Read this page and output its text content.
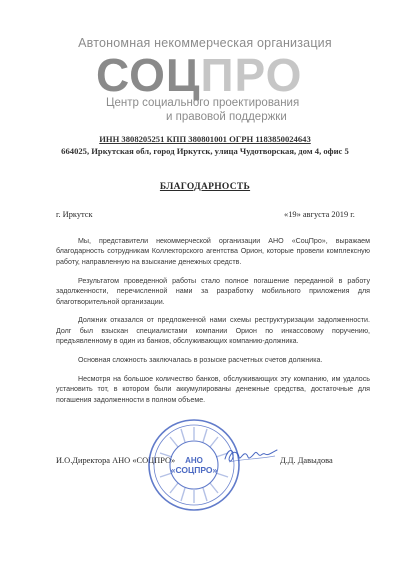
Автономная некоммерческая организация
СОЦПРО
Центр социального проектирования
и правовой поддержки
ИНН 3808205251 КПП 380801001 ОГРН 1183850024643
664025, Иркутская обл, город Иркутск, улица Чудотворская, дом 4, офис 5
БЛАГОДАРНОСТЬ
г. Иркутск	«19» августа 2019 г.

Мы, представители некоммерческой организации АНО «СоцПро», выражаем благодарность сотрудникам Коллекторского агентства Орион, которые провели комплексную работу, направленную на взыскание денежных средств.

Результатом проведенной работы стало полное погашение переданной в работу задолженности, перечисленной нами за разработку мобильного приложения для благотворительной организации.

Должник отказался от предложенной нами схемы реструктуризации задолженности. Долг был взыскан специалистами компании Орион по инкассовому поручению, предъявленному в один из банков, обслуживающих компанию-должника.

Основная сложность заключалась в розыске расчетных счетов должника.

Несмотря на большое количество банков, обслуживающих эту компанию, им удалось установить тот, в котором были аккумулированы денежные средства, достаточные для погашения задолженности в полном объеме.

И.О.Директора АНО «СОЦПРО»	Д.Д. Давыдова
АНО
«СОЦПРО»
